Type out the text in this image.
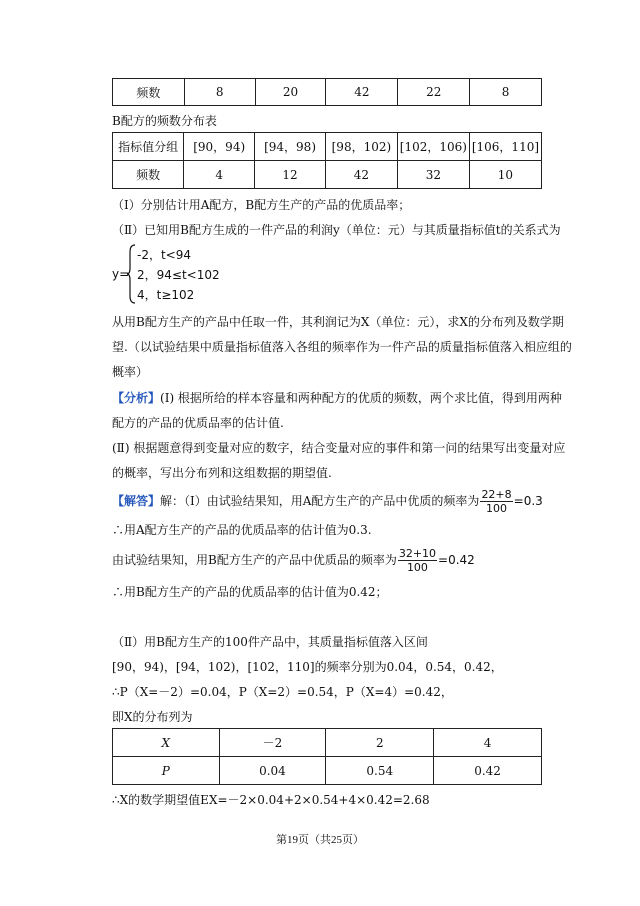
频数	8	20	42	22	8
B配方的频数分布表
指标值分组	[90，94)	[94，98)	[98，102)	[102，106)	[106，110]
频数	4	12	42	32	10
（Ⅰ）分别估计用A配方，B配方生产的产品的优质品率；
（Ⅱ）已知用B配方生成的一件产品的利润y（单位：元）与其质量指标值t的关系式为
y=
-2，t<94
2，94≤t<102
4，t≥102
从用B配方生产的产品中任取一件，其利润记为X（单位：元），求X的分布列及数学期
望.（以试验结果中质量指标值落入各组的频率作为一件产品的质量指标值落入相应组的
概率）
【分析】(Ⅰ) 根据所给的样本容量和两种配方的优质的频数，两个求比值，得到用两种
配方的产品的优质品率的估计值.
(Ⅱ) 根据题意得到变量对应的数字，结合变量对应的事件和第一问的结果写出变量对应
的概率，写出分布列和这组数据的期望值.
【解答】解：（Ⅰ）由试验结果知，用A配方生产的产品中优质的频率为 $\frac{22+8}{100} =0.3$
∴用A配方生产的产品的优质品率的估计值为0.3.
由试验结果知，用B配方生产的产品中优质品的频率为 $\frac{32+10}{100} =0.42$
∴用B配方生产的产品的优质品率的估计值为0.42；
（Ⅱ）用B配方生产的100件产品中，其质量指标值落入区间
[90，94)，[94，102)，[102，110]的频率分别为0.04，0.54，0.42，
∴P（X=－2）=0.04，P（X=2）=0.54，P（X=4）=0.42，
即X的分布列为
X	－2	2	4
P	0.04	0.54	0.42
∴X的数学期望值EX=－2×0.04+2×0.54+4×0.42=2.68
第19页（共25页）
